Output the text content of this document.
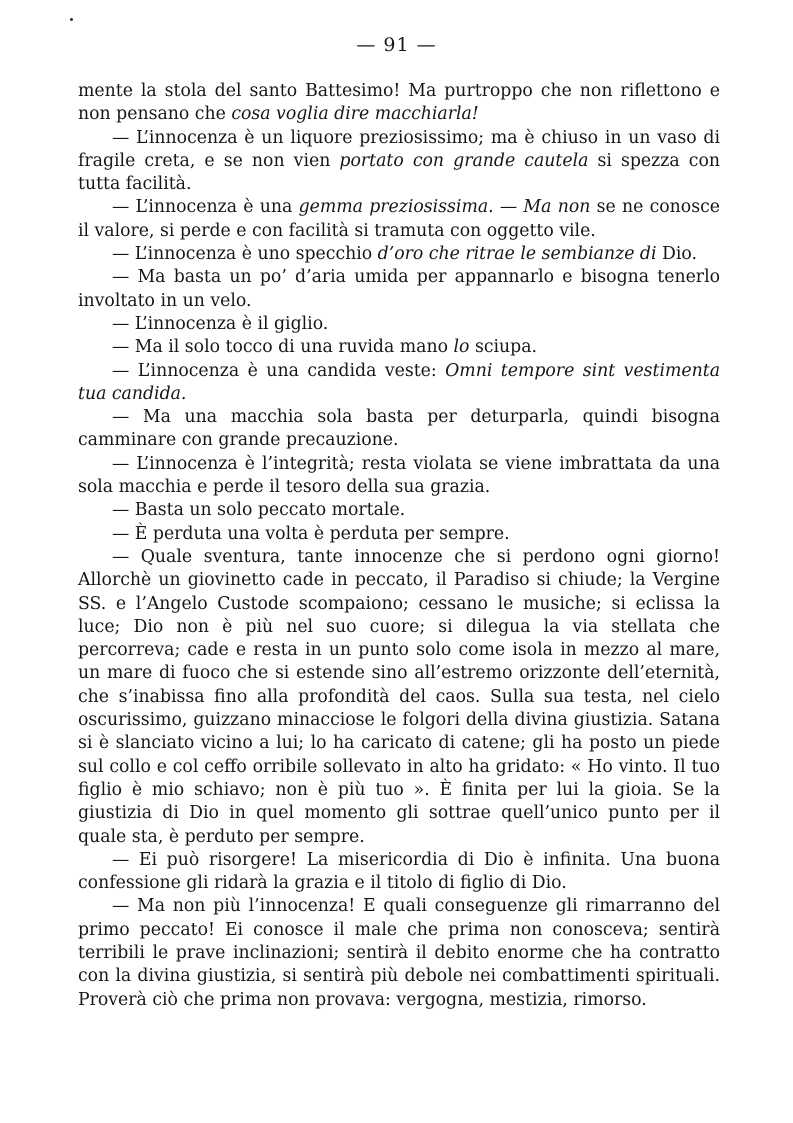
— 91 —

mente la stola del santo Battesimo! Ma purtroppo che non riflettono e non pensano che cosa voglia dire macchiarla!

— L’innocenza è un liquore preziosissimo; ma è chiuso in un vaso di fragile creta, e se non vien portato con grande cautela si spezza con tutta facilità.

— L’innocenza è una gemma preziosissima. — Ma non se ne conosce il valore, si perde e con facilità si tramuta con oggetto vile.

— L’innocenza è uno specchio d’oro che ritrae le sembianze di Dio.

— Ma basta un po’ d’aria umida per appannarlo e bisogna tenerlo involtato in un velo.

— L’innocenza è il giglio.

— Ma il solo tocco di una ruvida mano lo sciupa.

— L’innocenza è una candida veste: Omni tempore sint vestimenta tua candida.

— Ma una macchia sola basta per deturparla, quindi bisogna camminare con grande precauzione.

— L’innocenza è l’integrità; resta violata se viene imbrattata da una sola macchia e perde il tesoro della sua grazia.

— Basta un solo peccato mortale.

— È perduta una volta è perduta per sempre.

— Quale sventura, tante innocenze che si perdono ogni giorno! Allorchè un giovinetto cade in peccato, il Paradiso si chiude; la Vergine SS. e l’Angelo Custode scompaiono; cessano le musiche; si eclissa la luce; Dio non è più nel suo cuore; si dilegua la via stellata che percorreva; cade e resta in un punto solo come isola in mezzo al mare, un mare di fuoco che si estende sino all’estremo orizzonte dell’eternità, che s’inabissa fino alla profondità del caos. Sulla sua testa, nel cielo oscurissimo, guizzano minacciose le folgori della divina giustizia. Satana si è slanciato vicino a lui; lo ha caricato di catene; gli ha posto un piede sul collo e col ceffo orribile sollevato in alto ha gridato: « Ho vinto. Il tuo figlio è mio schiavo; non è più tuo ». È finita per lui la gioia. Se la giustizia di Dio in quel momento gli sottrae quell’unico punto per il quale sta, è perduto per sempre.

— Ei può risorgere! La misericordia di Dio è infinita. Una buona confessione gli ridarà la grazia e il titolo di figlio di Dio.

— Ma non più l’innocenza! E quali conseguenze gli rimarranno del primo peccato! Ei conosce il male che prima non conosceva; sentirà terribili le prave inclinazioni; sentirà il debito enorme che ha contratto con la divina giustizia, si sentirà più debole nei combattimenti spirituali. Proverà ciò che prima non provava: vergogna, mestizia, rimorso.
